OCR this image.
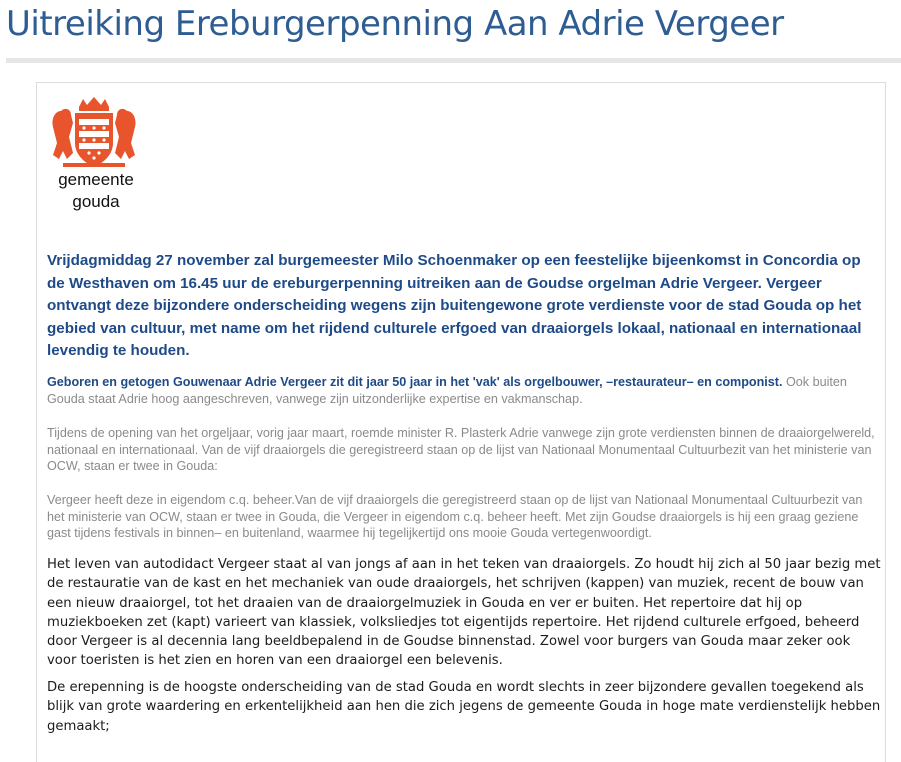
Uitreiking Ereburgerpenning Aan Adrie Vergeer
gemeente
gouda

Vrijdagmiddag 27 november zal burgemeester Milo Schoenmaker op een feestelijke bijeenkomst in Concordia op de Westhaven om 16.45 uur de ereburgerpenning uitreiken aan de Goudse orgelman Adrie Vergeer. Vergeer ontvangt deze bijzondere onderscheiding wegens zijn buitengewone grote verdienste voor de stad Gouda op het gebied van cultuur, met name om het rijdend culturele erfgoed van draaiorgels lokaal, nationaal en internationaal levendig te houden.

Geboren en getogen Gouwenaar Adrie Vergeer zit dit jaar 50 jaar in het 'vak' als orgelbouwer, –restaurateur– en componist. Ook buiten Gouda staat Adrie hoog aangeschreven, vanwege zijn uitzonderlijke expertise en vakmanschap.

Tijdens de opening van het orgeljaar, vorig jaar maart, roemde minister R. Plasterk Adrie vanwege zijn grote verdiensten binnen de draaiorgelwereld, nationaal en internationaal. Van de vijf draaiorgels die geregistreerd staan op de lijst van Nationaal Monumentaal Cultuurbezit van het ministerie van OCW, staan er twee in Gouda:

Vergeer heeft deze in eigendom c.q. beheer.Van de vijf draaiorgels die geregistreerd staan op de lijst van Nationaal Monumentaal Cultuurbezit van het ministerie van OCW, staan er twee in Gouda, die Vergeer in eigendom c.q. beheer heeft. Met zijn Goudse draaiorgels is hij een graag geziene gast tijdens festivals in binnen– en buitenland, waarmee hij tegelijkertijd ons mooie Gouda vertegenwoordigt.

Het leven van autodidact Vergeer staat al van jongs af aan in het teken van draaiorgels. Zo houdt hij zich al 50 jaar bezig met de restauratie van de kast en het mechaniek van oude draaiorgels, het schrijven (kappen) van muziek, recent de bouw van een nieuw draaiorgel, tot het draaien van de draaiorgelmuziek in Gouda en ver er buiten. Het repertoire dat hij op muziekboeken zet (kapt) varieert van klassiek, volksliedjes tot eigentijds repertoire. Het rijdend culturele erfgoed, beheerd door Vergeer is al decennia lang beeldbepalend in de Goudse binnenstad. Zowel voor burgers van Gouda maar zeker ook voor toeristen is het zien en horen van een draaiorgel een belevenis.

De erepenning is de hoogste onderscheiding van de stad Gouda en wordt slechts in zeer bijzondere gevallen toegekend als blijk van grote waardering en erkentelijkheid aan hen die zich jegens de gemeente Gouda in hoge mate verdienstelijk hebben gemaakt;
